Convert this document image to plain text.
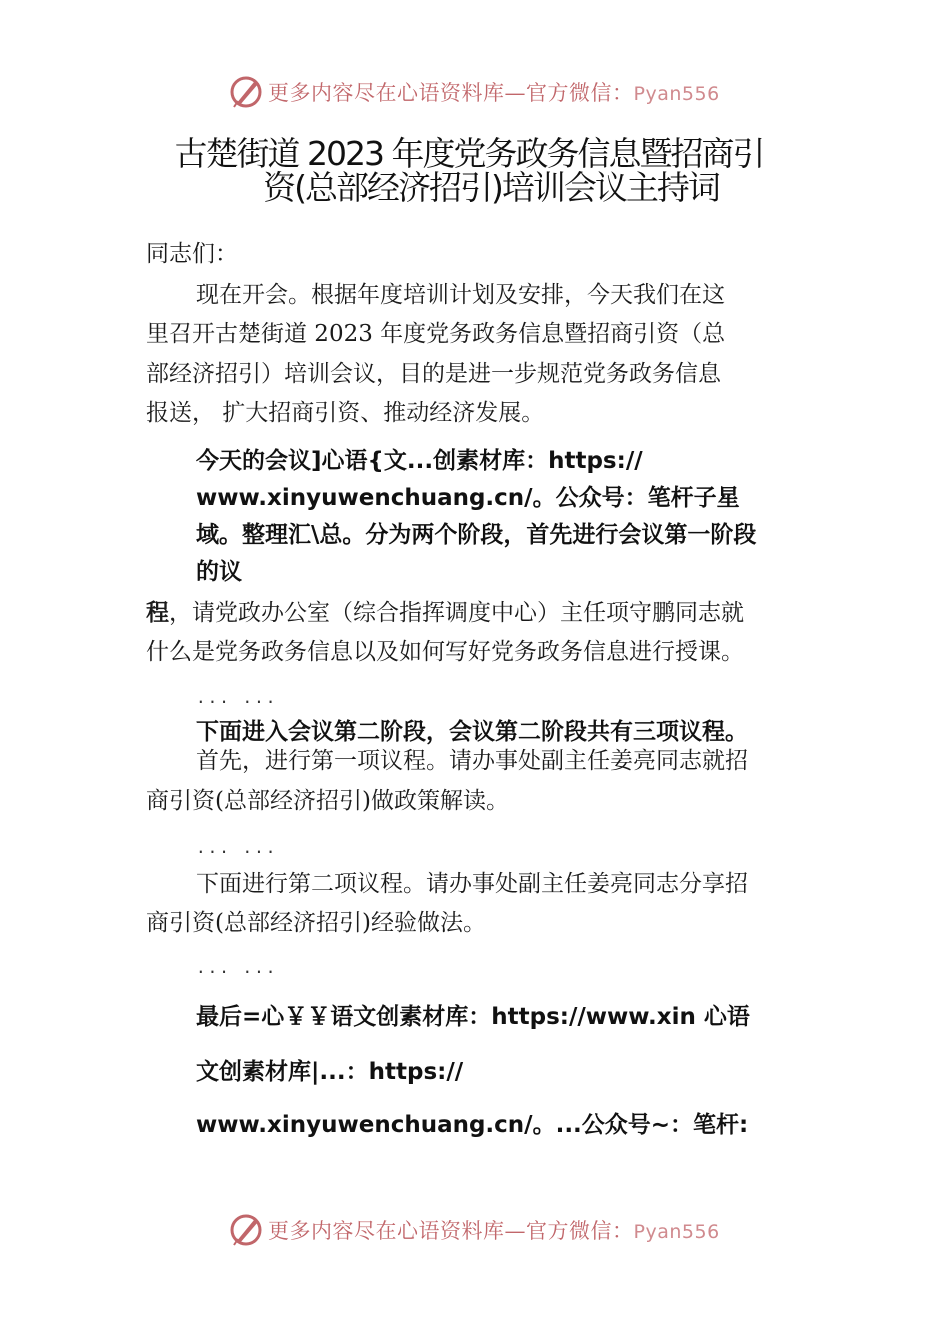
更多内容尽在心语资料库—官方微信：Pyan556
古楚街道 2023 年度党务政务信息暨招商引
资(总部经济招引)培训会议主持词
同志们：
现在开会。根据年度培训计划及安排，今天我们在这
里召开古楚街道 2023 年度党务政务信息暨招商引资（总
部经济招引）培训会议，目的是进一步规范党务政务信息
报送， 扩大招商引资、推动经济发展。
今天的会议]心语{文...创素材库：https://
www.xinyuwenchuang.cn/。公众号：笔杆子星
域。整理汇\总。分为两个阶段，首先进行会议第一阶段
的议
程，请党政办公室（综合指挥调度中心）主任项守鹏同志就
什么是党务政务信息以及如何写好党务政务信息进行授课。
... ...
下面进入会议第二阶段，会议第二阶段共有三项议程。
首先，进行第一项议程。请办事处副主任姜亮同志就招
商引资(总部经济招引)做政策解读。
... ...
下面进行第二项议程。请办事处副主任姜亮同志分享招
商引资(总部经济招引)经验做法。
... ...
最后=心￥￥语文创素材库：https://www.xin 心语
文创素材库|...：https://
www.xinyuwenchuang.cn/。...公众号~：笔杆:
更多内容尽在心语资料库—官方微信：Pyan556
